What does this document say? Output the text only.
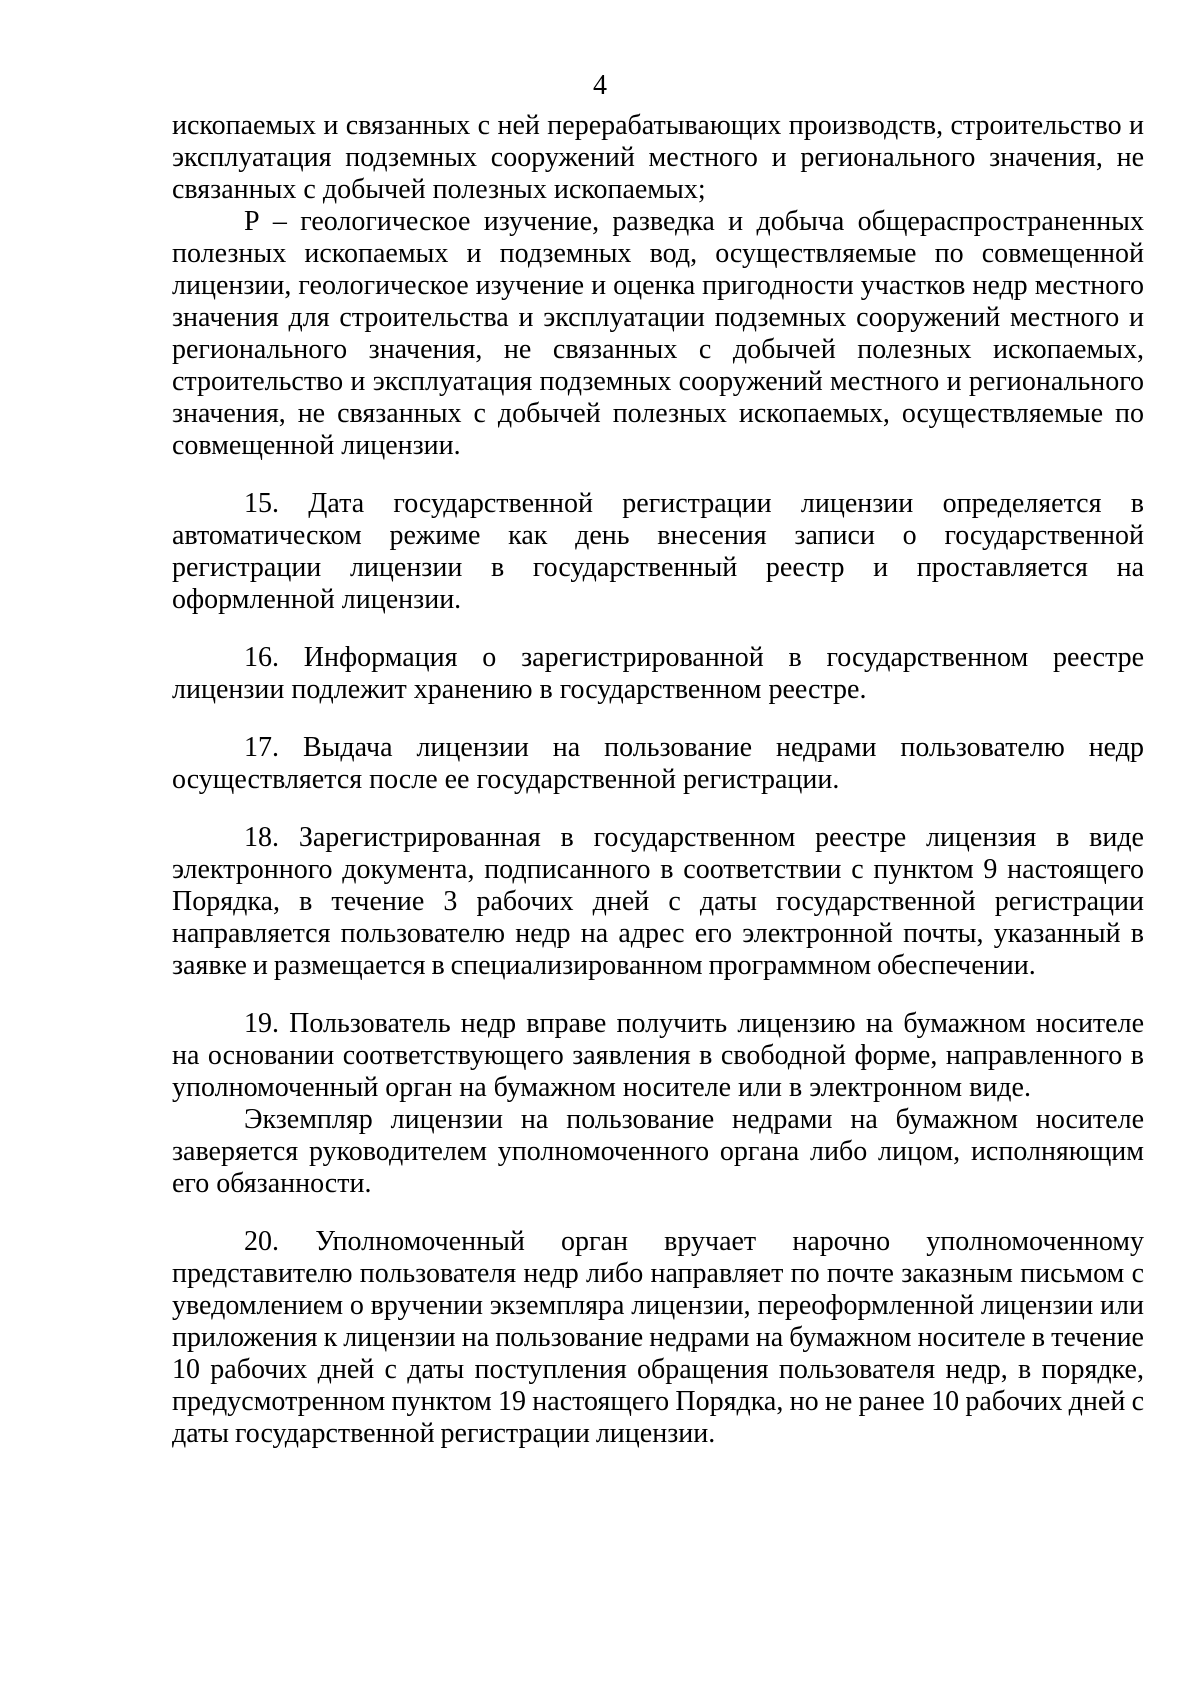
4

ископаемых и связанных с ней перерабатывающих производств, строительство и эксплуатация подземных сооружений местного и регионального значения, не связанных с добычей полезных ископаемых;

Р – геологическое изучение, разведка и добыча общераспространенных полезных ископаемых и подземных вод, осуществляемые по совмещенной лицензии, геологическое изучение и оценка пригодности участков недр местного значения для строительства и эксплуатации подземных сооружений местного и регионального значения, не связанных с добычей полезных ископаемых, строительство и эксплуатация подземных сооружений местного и регионального значения, не связанных с добычей полезных ископаемых, осуществляемые по совмещенной лицензии.

15. Дата государственной регистрации лицензии определяется в автоматическом режиме как день внесения записи о государственной регистрации лицензии в государственный реестр и проставляется на оформленной лицензии.

16. Информация о зарегистрированной в государственном реестре лицензии подлежит хранению в государственном реестре.

17. Выдача лицензии на пользование недрами пользователю недр осуществляется после ее государственной регистрации.

18. Зарегистрированная в государственном реестре лицензия в виде электронного документа, подписанного в соответствии с пунктом 9 настоящего Порядка, в течение 3 рабочих дней с даты государственной регистрации направляется пользователю недр на адрес его электронной почты, указанный в заявке и размещается в специализированном программном обеспечении.

19. Пользователь недр вправе получить лицензию на бумажном носителе на основании соответствующего заявления в свободной форме, направленного в уполномоченный орган на бумажном носителе или в электронном виде.

Экземпляр лицензии на пользование недрами на бумажном носителе заверяется руководителем уполномоченного органа либо лицом, исполняющим его обязанности.

20. Уполномоченный орган вручает нарочно уполномоченному представителю пользователя недр либо направляет по почте заказным письмом с уведомлением о вручении экземпляра лицензии, переоформленной лицензии или приложения к лицензии на пользование недрами на бумажном носителе в течение 10 рабочих дней с даты поступления обращения пользователя недр, в порядке, предусмотренном пунктом 19 настоящего Порядка, но не ранее 10 рабочих дней с даты государственной регистрации лицензии.
